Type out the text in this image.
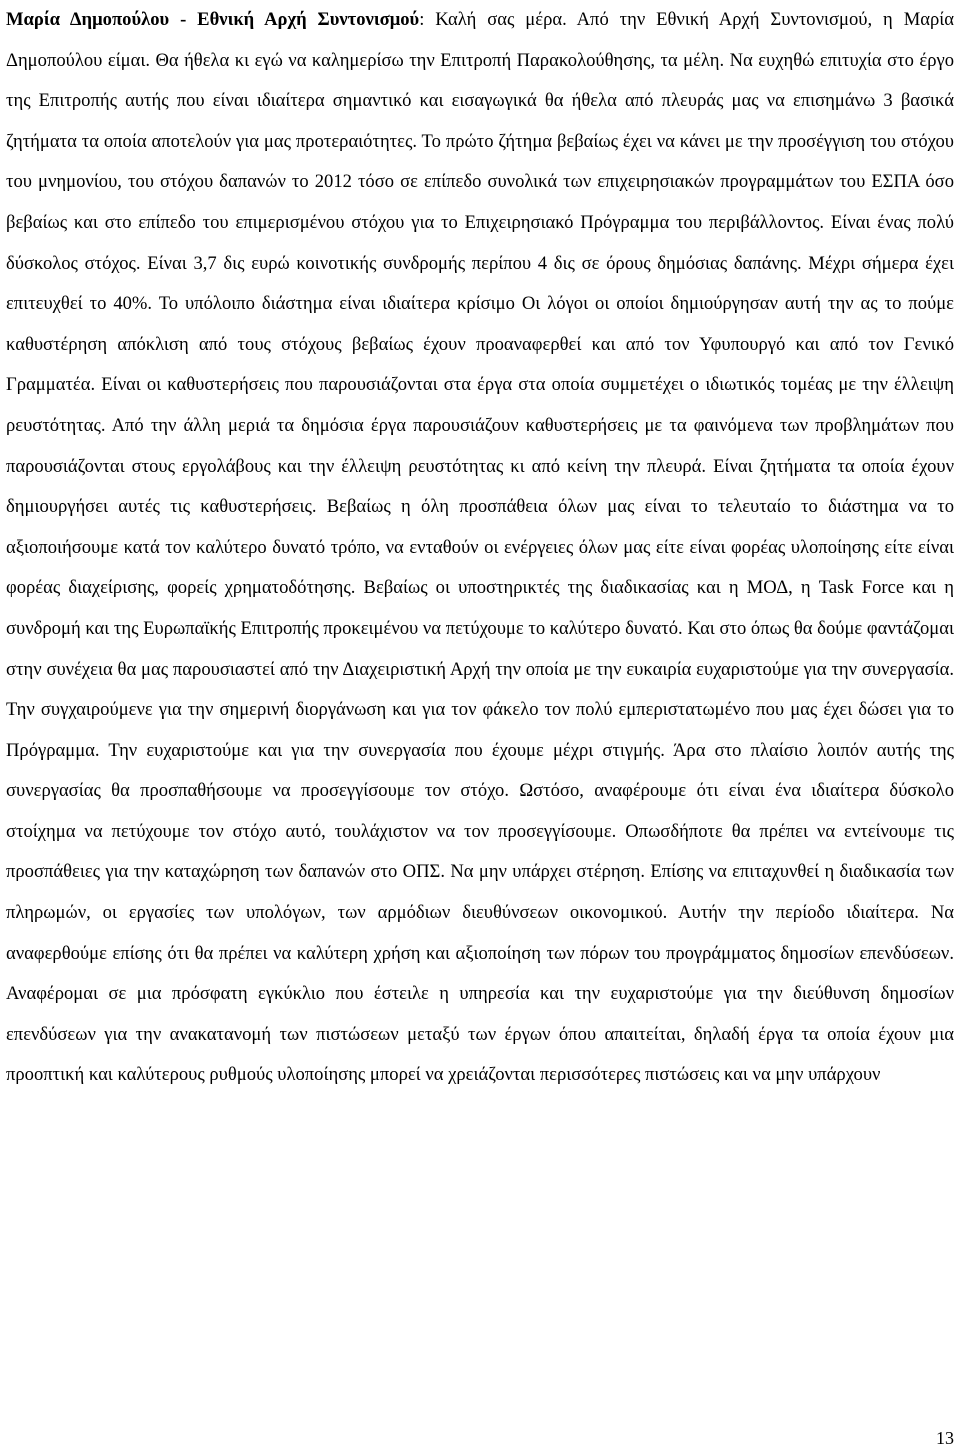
Μαρία Δημοπούλου - Εθνική Αρχή Συντονισμού: Καλή σας μέρα. Από την Εθνική Αρχή Συντονισμού, η Μαρία Δημοπούλου είμαι. Θα ήθελα κι εγώ να καλημερίσω την Επιτροπή Παρακολούθησης, τα μέλη. Να ευχηθώ επιτυχία στο έργο της Επιτροπής αυτής που είναι ιδιαίτερα σημαντικό και εισαγωγικά θα ήθελα από πλευράς μας να επισημάνω 3 βασικά ζητήματα τα οποία αποτελούν για μας προτεραιότητες. Το πρώτο ζήτημα βεβαίως έχει να κάνει με την προσέγγιση του στόχου του μνημονίου, του στόχου δαπανών το 2012 τόσο σε επίπεδο συνολικά των επιχειρησιακών προγραμμάτων του ΕΣΠΑ όσο βεβαίως και στο επίπεδο του επιμερισμένου στόχου για το Επιχειρησιακό Πρόγραμμα του περιβάλλοντος. Είναι ένας πολύ δύσκολος στόχος. Είναι 3,7 δις ευρώ κοινοτικής συνδρομής περίπου 4 δις σε όρους δημόσιας δαπάνης. Μέχρι σήμερα έχει επιτευχθεί το 40%. Το υπόλοιπο διάστημα είναι ιδιαίτερα κρίσιμο Οι λόγοι οι οποίοι δημιούργησαν αυτή την ας το πούμε καθυστέρηση απόκλιση από τους στόχους βεβαίως έχουν προαναφερθεί και από τον Υφυπουργό και από τον Γενικό Γραμματέα. Είναι οι καθυστερήσεις που παρουσιάζονται στα έργα στα οποία συμμετέχει ο ιδιωτικός τομέας με την έλλειψη ρευστότητας. Από την άλλη μεριά τα δημόσια έργα παρουσιάζουν καθυστερήσεις με τα φαινόμενα των προβλημάτων που παρουσιάζονται στους εργολάβους και την έλλειψη ρευστότητας κι από κείνη την πλευρά. Είναι ζητήματα τα οποία έχουν δημιουργήσει αυτές τις καθυστερήσεις. Βεβαίως η όλη προσπάθεια όλων μας είναι το τελευταίο το διάστημα να το αξιοποιήσουμε κατά τον καλύτερο δυνατό τρόπο, να ενταθούν οι ενέργειες όλων μας είτε είναι φορέας υλοποίησης είτε είναι φορέας διαχείρισης, φορείς χρηματοδότησης. Βεβαίως οι υποστηρικτές της διαδικασίας και η ΜΟΔ, η Task Force και η συνδρομή και της Ευρωπαϊκής Επιτροπής προκειμένου να πετύχουμε το καλύτερο δυνατό. Και στο όπως θα δούμε φαντάζομαι στην συνέχεια θα μας παρουσιαστεί από την Διαχειριστική Αρχή την οποία με την ευκαιρία ευχαριστούμε για την συνεργασία. Την συγχαιρούμενε για την σημερινή διοργάνωση και για τον φάκελο τον πολύ εμπεριστατωμένο που μας έχει δώσει για το Πρόγραμμα. Την ευχαριστούμε και για την συνεργασία που έχουμε μέχρι στιγμής. Άρα στο πλαίσιο λοιπόν αυτής της συνεργασίας θα προσπαθήσουμε να προσεγγίσουμε τον στόχο. Ωστόσο, αναφέρουμε ότι είναι ένα ιδιαίτερα δύσκολο στοίχημα να πετύχουμε τον στόχο αυτό, τουλάχιστον να τον προσεγγίσουμε. Οπωσδήποτε θα πρέπει να εντείνουμε τις προσπάθειες για την καταχώρηση των δαπανών στο ΟΠΣ. Να μην υπάρχει στέρηση. Επίσης να επιταχυνθεί η διαδικασία των πληρωμών, οι εργασίες των υπολόγων, των αρμόδιων διευθύνσεων οικονομικού. Αυτήν την περίοδο ιδιαίτερα. Να αναφερθούμε επίσης ότι θα πρέπει να καλύτερη χρήση και αξιοποίηση των πόρων του προγράμματος δημοσίων επενδύσεων. Αναφέρομαι σε μια πρόσφατη εγκύκλιο που έστειλε η υπηρεσία και την ευχαριστούμε για την διεύθυνση δημοσίων επενδύσεων για την ανακατανομή των πιστώσεων μεταξύ των έργων όπου απαιτείται, δηλαδή έργα τα οποία έχουν μια προοπτική και καλύτερους ρυθμούς υλοποίησης μπορεί να χρειάζονται περισσότερες πιστώσεις και να μην υπάρχουν

13
